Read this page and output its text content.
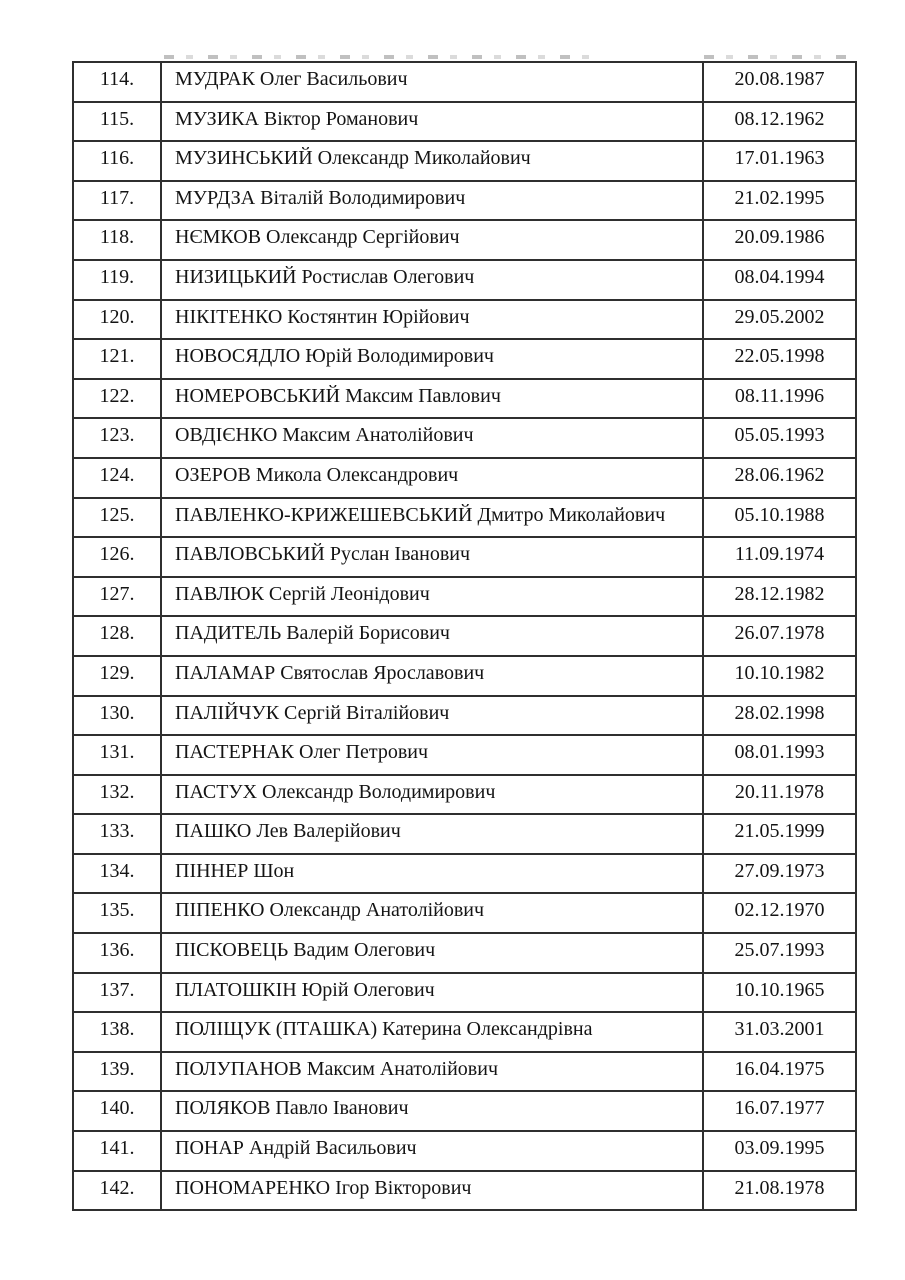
114.	МУДРАК Олег Васильович	20.08.1987
115.	МУЗИКА Віктор Романович	08.12.1962
116.	МУЗИНСЬКИЙ Олександр Миколайович	17.01.1963
117.	МУРДЗА Віталій Володимирович	21.02.1995
118.	НЄМКОВ Олександр Сергійович	20.09.1986
119.	НИЗИЦЬКИЙ Ростислав Олегович	08.04.1994
120.	НІКІТЕНКО Костянтин Юрійович	29.05.2002
121.	НОВОСЯДЛО Юрій Володимирович	22.05.1998
122.	НОМЕРОВСЬКИЙ Максим Павлович	08.11.1996
123.	ОВДІЄНКО Максим Анатолійович	05.05.1993
124.	ОЗЕРОВ Микола Олександрович	28.06.1962
125.	ПАВЛЕНКО-КРИЖЕШЕВСЬКИЙ Дмитро Миколайович	05.10.1988
126.	ПАВЛОВСЬКИЙ Руслан Іванович	11.09.1974
127.	ПАВЛЮК Сергій Леонідович	28.12.1982
128.	ПАДИТЕЛЬ Валерій Борисович	26.07.1978
129.	ПАЛАМАР Святослав Ярославович	10.10.1982
130.	ПАЛІЙЧУК Сергій Віталійович	28.02.1998
131.	ПАСТЕРНАК Олег Петрович	08.01.1993
132.	ПАСТУХ Олександр Володимирович	20.11.1978
133.	ПАШКО Лев Валерійович	21.05.1999
134.	ПІННЕР Шон	27.09.1973
135.	ПІПЕНКО Олександр Анатолійович	02.12.1970
136.	ПІСКОВЕЦЬ Вадим Олегович	25.07.1993
137.	ПЛАТОШКІН Юрій Олегович	10.10.1965
138.	ПОЛІЩУК (ПТАШКА) Катерина Олександрівна	31.03.2001
139.	ПОЛУПАНОВ Максим Анатолійович	16.04.1975
140.	ПОЛЯКОВ Павло Іванович	16.07.1977
141.	ПОНАР Андрій Васильович	03.09.1995
142.	ПОНОМАРЕНКО Ігор Вікторович	21.08.1978
